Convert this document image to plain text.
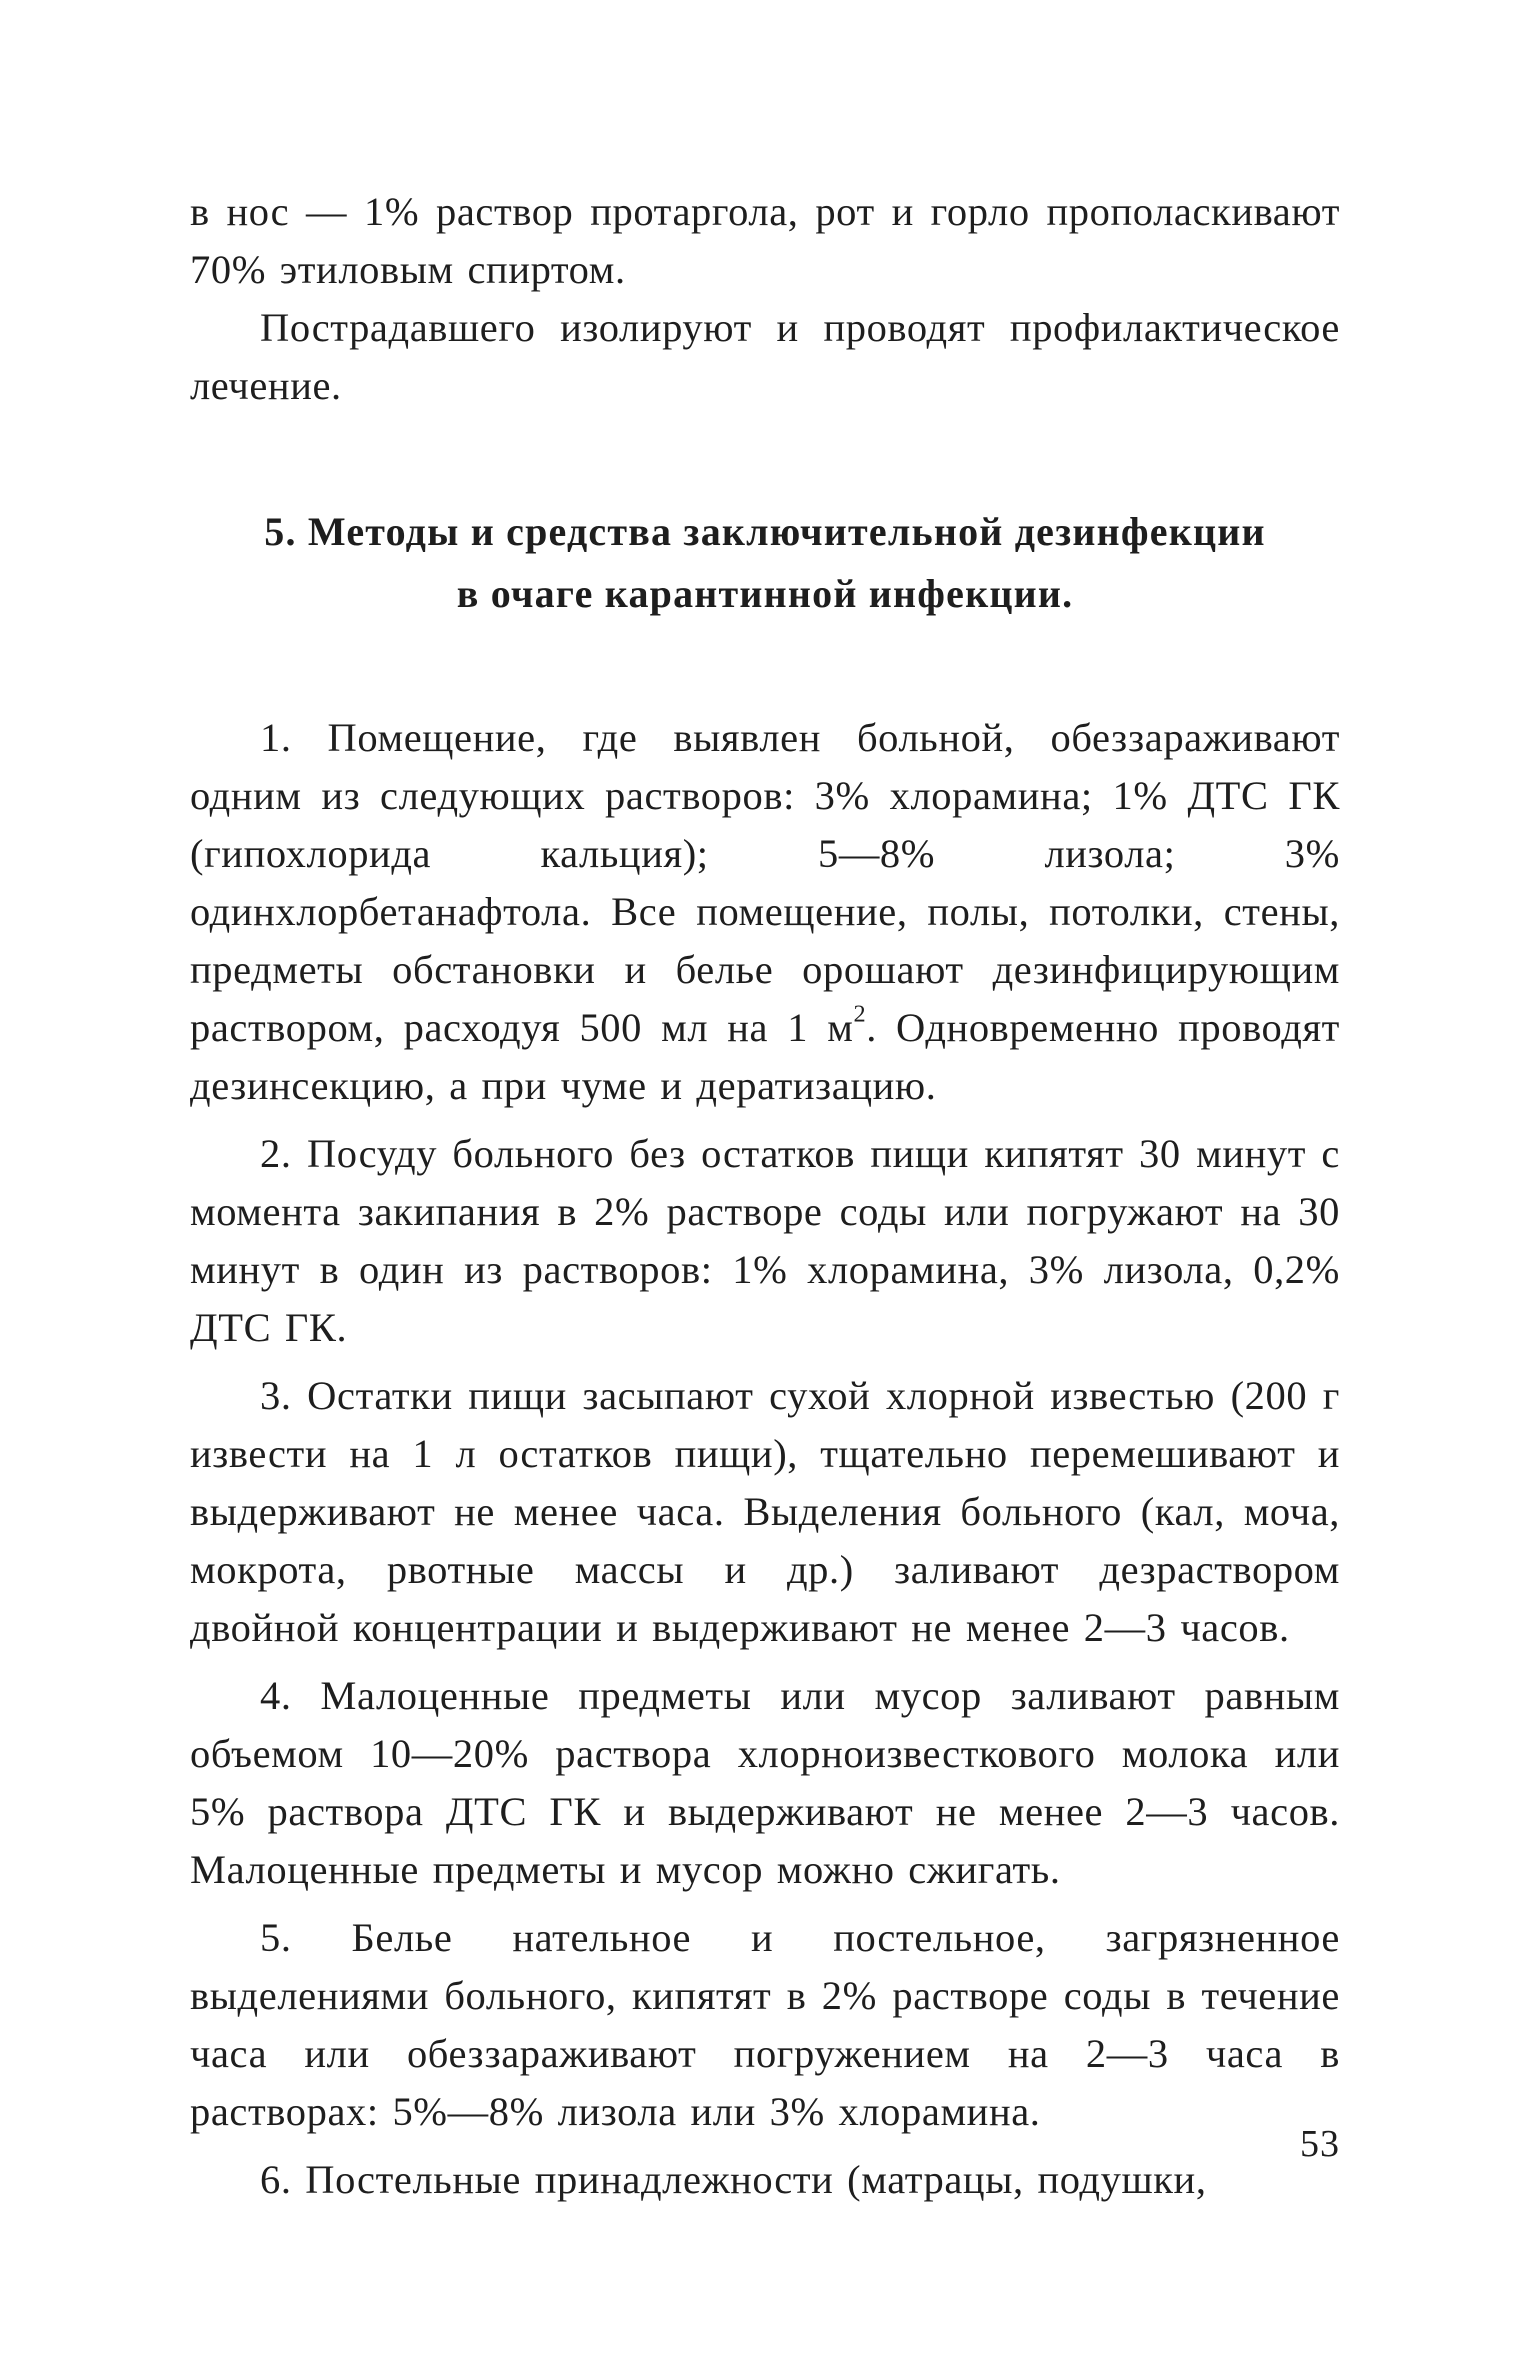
в нос — 1% раствор протаргола, рот и горло прополаскивают 70% этиловым спиртом.

Пострадавшего изолируют и проводят профилактическое лечение.

5. Методы и средства заключительной дезинфекции
в очаге карантинной инфекции.

1. Помещение, где выявлен больной, обеззараживают одним из следующих растворов: 3% хлорамина; 1% ДТС ГК (гипохлорида кальция); 5—8% лизола; 3% одинхлорбетанафтола. Все помещение, полы, потолки, стены, предметы обстановки и белье орошают дезинфицирующим раствором, расходуя 500 мл на 1 $м^2$. Одновременно проводят дезинсекцию, а при чуме и дератизацию.

2. Посуду больного без остатков пищи кипятят 30 минут с момента закипания в 2% растворе соды или погружают на 30 минут в один из растворов: 1% хлорамина, 3% лизола, 0,2% ДТС ГК.

3. Остатки пищи засыпают сухой хлорной известью (200 г извести на 1 л остатков пищи), тщательно перемешивают и выдерживают не менее часа. Выделения больного (кал, моча, мокрота, рвотные массы и др.) заливают дезраствором двойной концентрации и выдерживают не менее 2—3 часов.

4. Малоценные предметы или мусор заливают равным объемом 10—20% раствора хлорноизвесткового молока или 5% раствора ДТС ГК и выдерживают не менее 2—3 часов. Малоценные предметы и мусор можно сжигать.

5. Белье нательное и постельное, загрязненное выделениями больного, кипятят в 2% растворе соды в течение часа или обеззараживают погружением на 2—3 часа в растворах: 5%—8% лизола или 3% хлорамина.

6. Постельные принадлежности (матрацы, подушки,

53
